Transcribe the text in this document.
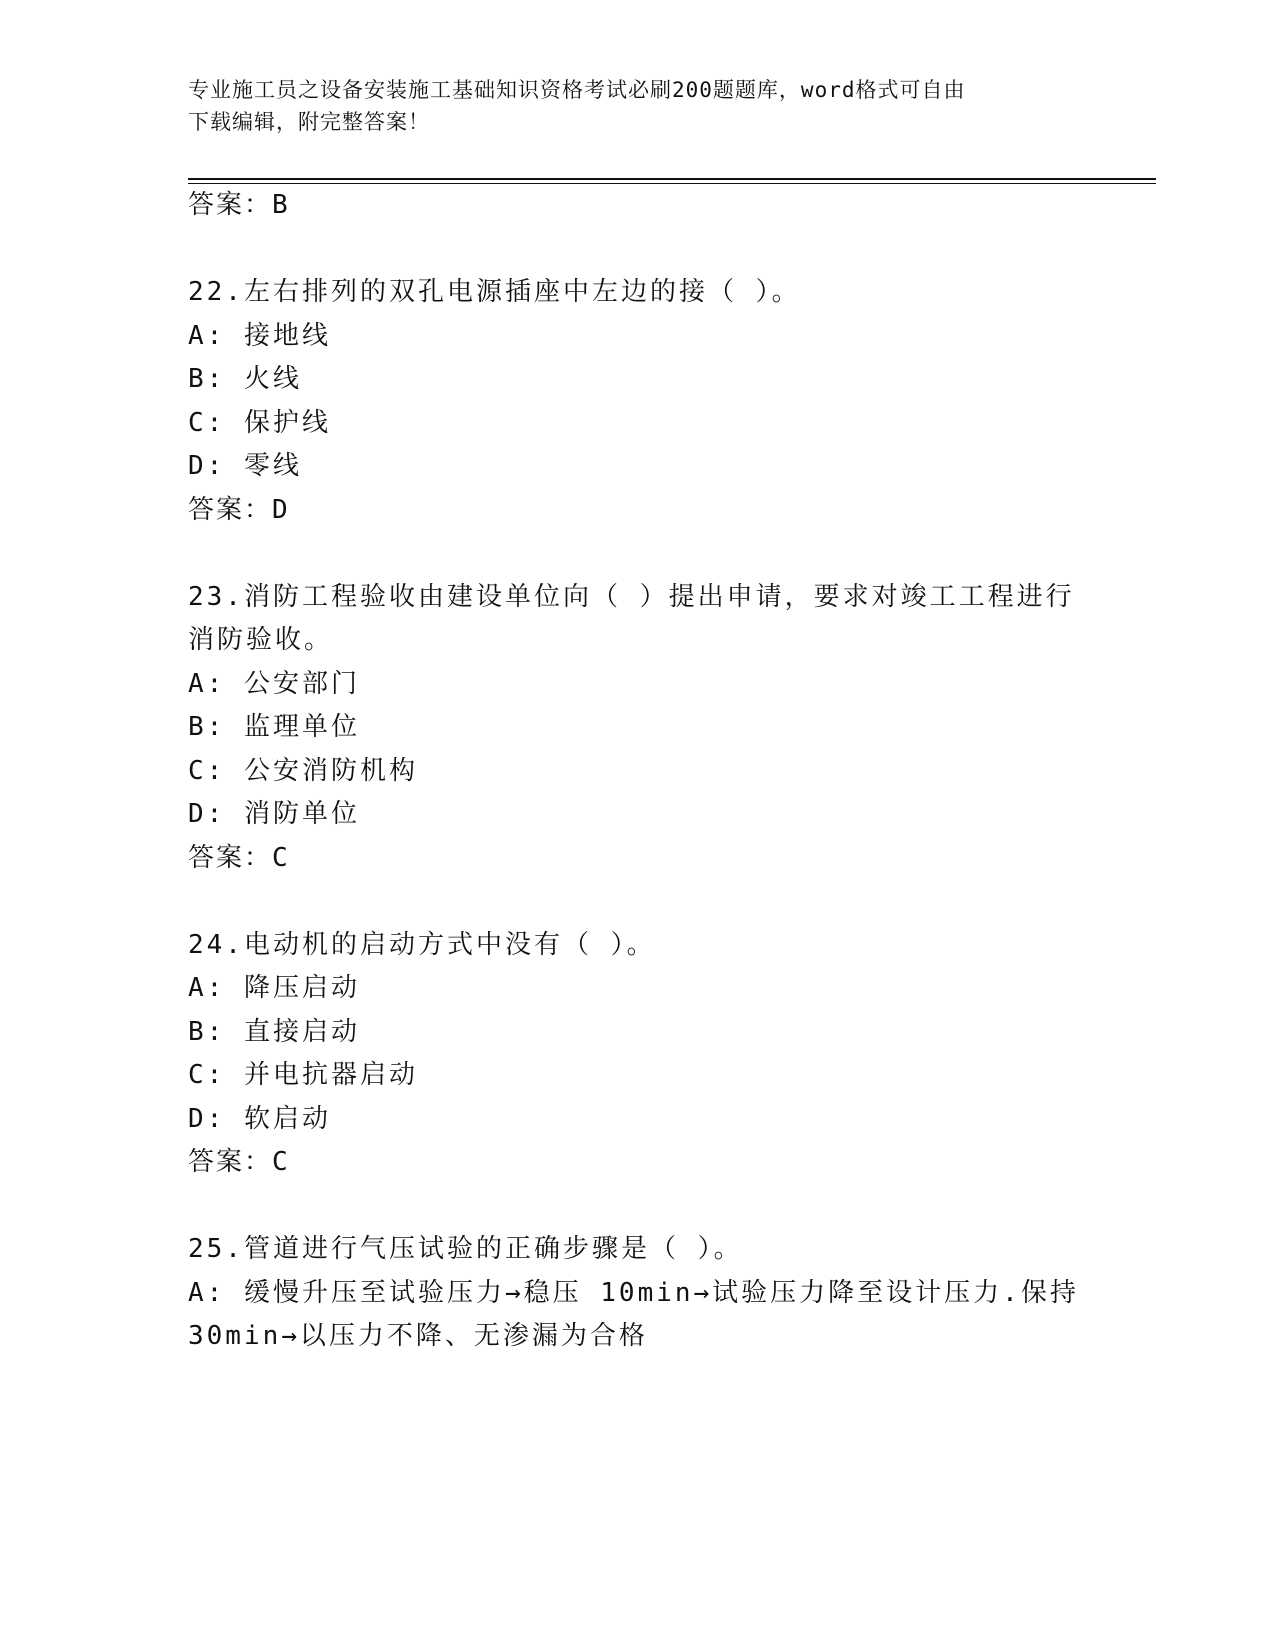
专业施工员之设备安装施工基础知识资格考试必刷200题题库，word格式可自由
下载编辑，附完整答案！
答案：B
22.左右排列的双孔电源插座中左边的接（ ）。
A: 接地线
B: 火线
C: 保护线
D: 零线
答案：D
23.消防工程验收由建设单位向（ ）提出申请，要求对竣工工程进行
消防验收。
A: 公安部门
B: 监理单位
C: 公安消防机构
D: 消防单位
答案：C
24.电动机的启动方式中没有（ ）。
A: 降压启动
B: 直接启动
C: 并电抗器启动
D: 软启动
答案：C
25.管道进行气压试验的正确步骤是（ ）。
A: 缓慢升压至试验压力→稳压 10min→试验压力降至设计压力.保持
30min→以压力不降、无渗漏为合格
